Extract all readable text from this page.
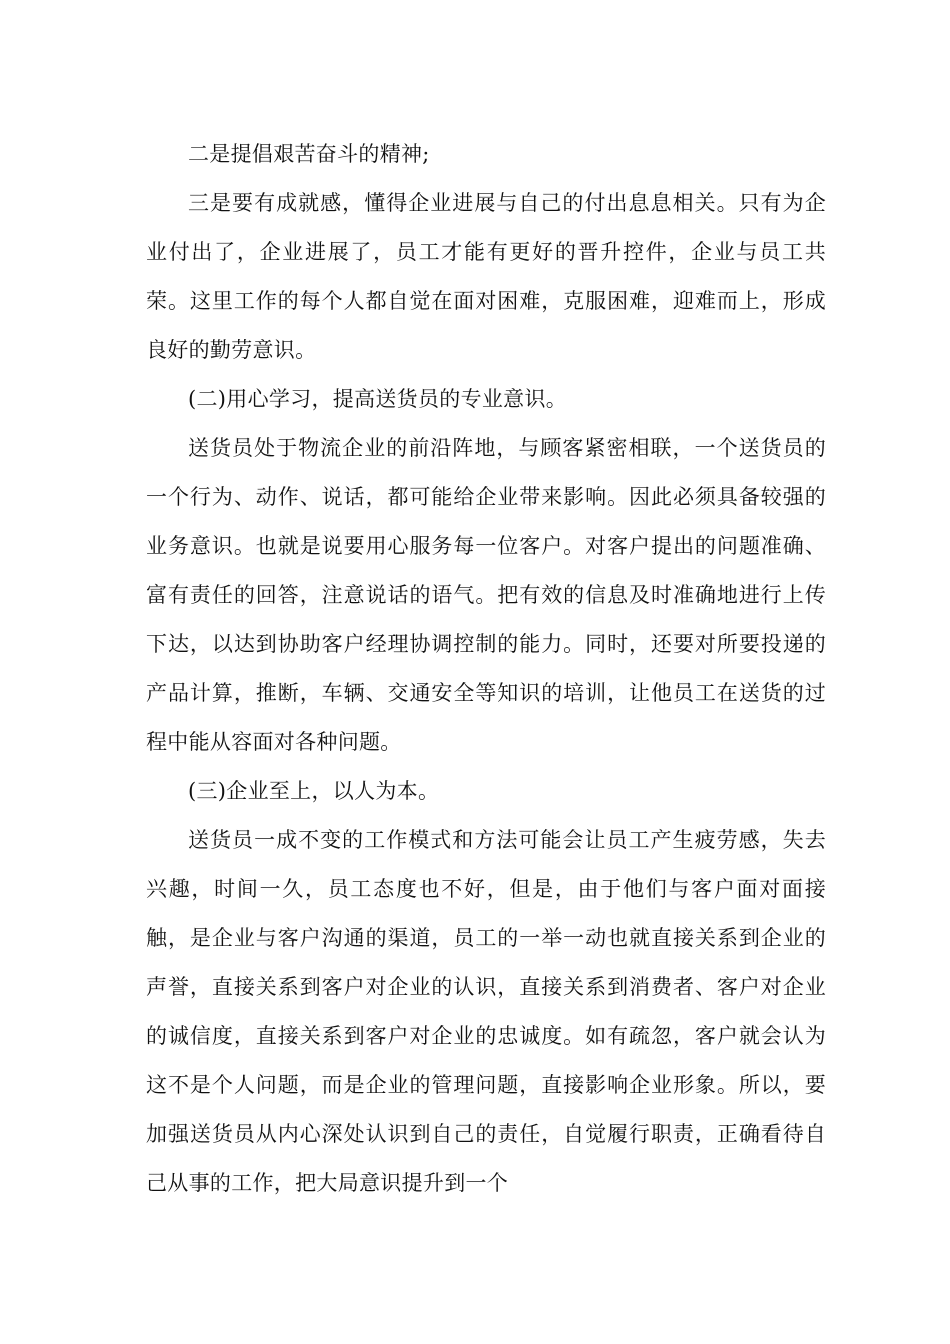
二是提倡艰苦奋斗的精神;

三是要有成就感，懂得企业进展与自己的付出息息相关。只有为企业付出了，企业进展了，员工才能有更好的晋升控件，企业与员工共荣。这里工作的每个人都自觉在面对困难，克服困难，迎难而上，形成良好的勤劳意识。

(二)用心学习，提高送货员的专业意识。

送货员处于物流企业的前沿阵地，与顾客紧密相联，一个送货员的一个行为、动作、说话，都可能给企业带来影响。因此必须具备较强的业务意识。也就是说要用心服务每一位客户。对客户提出的问题准确、富有责任的回答，注意说话的语气。把有效的信息及时准确地进行上传下达，以达到协助客户经理协调控制的能力。同时，还要对所要投递的产品计算，推断，车辆、交通安全等知识的培训，让他员工在送货的过程中能从容面对各种问题。

(三)企业至上，以人为本。

送货员一成不变的工作模式和方法可能会让员工产生疲劳感，失去兴趣，时间一久，员工态度也不好，但是，由于他们与客户面对面接触，是企业与客户沟通的渠道，员工的一举一动也就直接关系到企业的声誉，直接关系到客户对企业的认识，直接关系到消费者、客户对企业的诚信度，直接关系到客户对企业的忠诚度。如有疏忽，客户就会认为这不是个人问题，而是企业的管理问题，直接影响企业形象。所以，要加强送货员从内心深处认识到自己的责任，自觉履行职责，正确看待自己从事的工作，把大局意识提升到一个
